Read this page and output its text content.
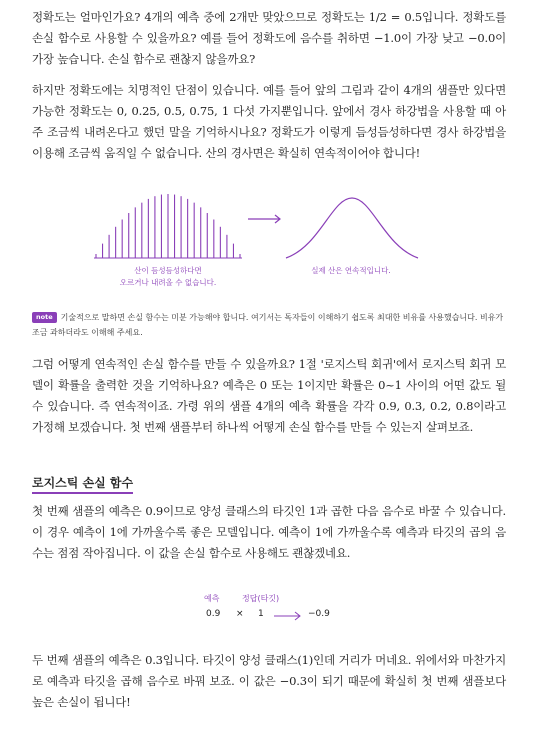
정확도는 얼마인가요? 4개의 예측 중에 2개만 맞았으므로 정확도는 1/2 = 0.5입니다. 정확도를 손실 함수로 사용할 수 있을까요? 예를 들어 정확도에 음수를 취하면 −1.0이 가장 낮고 −0.0이 가장 높습니다. 손실 함수로 괜찮지 않을까요?

하지만 정확도에는 치명적인 단점이 있습니다. 예를 들어 앞의 그림과 같이 4개의 샘플만 있다면 가능한 정확도는 0, 0.25, 0.5, 0.75, 1 다섯 가지뿐입니다. 앞에서 경사 하강법을 사용할 때 아주 조금씩 내려온다고 했던 말을 기억하시나요? 정확도가 이렇게 듬성듬성하다면 경사 하강법을 이용해 조금씩 움직일 수 없습니다. 산의 경사면은 확실히 연속적이어야 합니다!

산이 듬성듬성하다면
오르거나 내려올 수 없습니다.
실제 산은 연속적입니다.
note 기술적으로 말하면 손실 함수는 미분 가능해야 합니다. 여기서는 독자들이 이해하기 쉽도록 최대한 비유를 사용했습니다. 비유가 조금 과하더라도 이해해 주세요.

그럼 어떻게 연속적인 손실 함수를 만들 수 있을까요? 1절 '로지스틱 회귀'에서 로지스틱 회귀 모델이 확률을 출력한 것을 기억하나요? 예측은 0 또는 1이지만 확률은 0~1 사이의 어떤 값도 될 수 있습니다. 즉 연속적이죠. 가령 위의 샘플 4개의 예측 확률을 각각 0.9, 0.3, 0.2, 0.8이라고 가정해 보겠습니다. 첫 번째 샘플부터 하나씩 어떻게 손실 함수를 만들 수 있는지 살펴보죠.

로지스틱 손실 함수

첫 번째 샘플의 예측은 0.9이므로 양성 클래스의 타깃인 1과 곱한 다음 음수로 바꿀 수 있습니다. 이 경우 예측이 1에 가까울수록 좋은 모델입니다. 예측이 1에 가까울수록 예측과 타깃의 곱의 음수는 점점 작아집니다. 이 값을 손실 함수로 사용해도 괜찮겠네요.

예측	정답(타깃)
0.9 × 1	−0.9

두 번째 샘플의 예측은 0.3입니다. 타깃이 양성 클래스(1)인데 거리가 머네요. 위에서와 마찬가지로 예측과 타깃을 곱해 음수로 바꿔 보죠. 이 값은 −0.3이 되기 때문에 확실히 첫 번째 샘플보다 높은 손실이 됩니다!
